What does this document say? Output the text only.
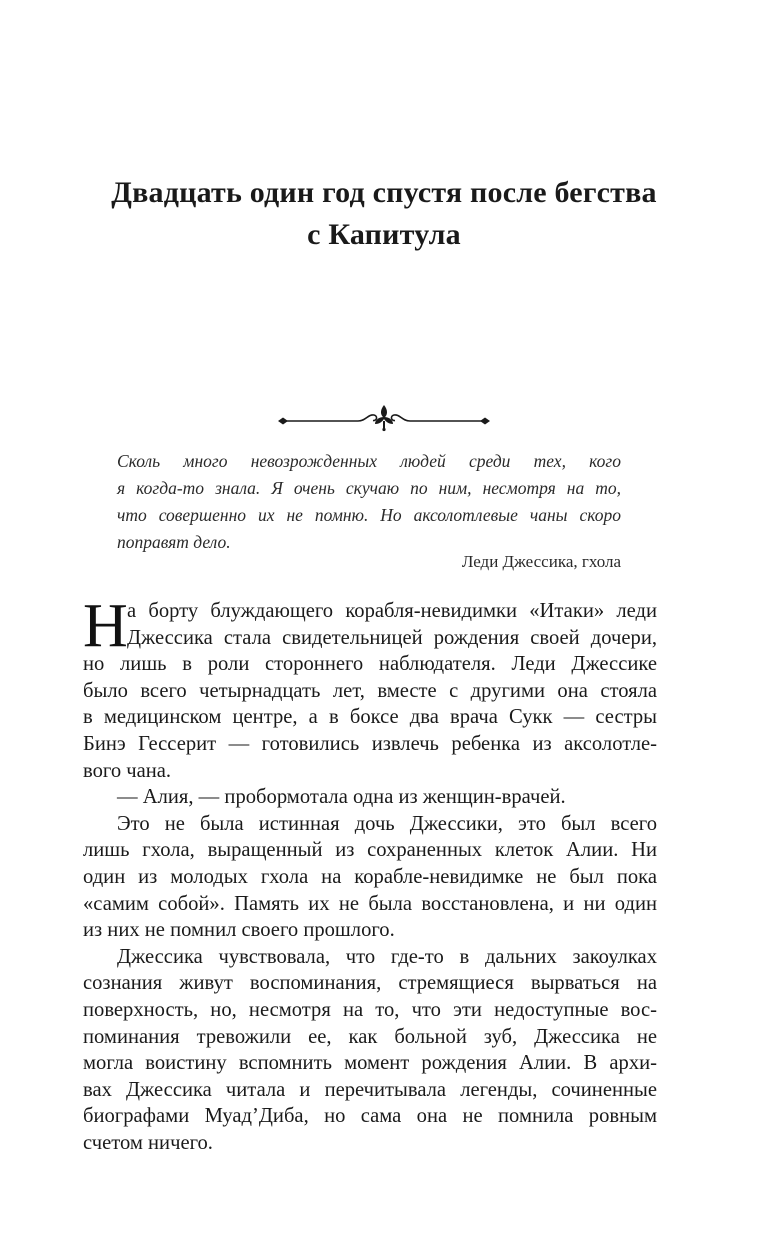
Двадцать один год спустя после бегства
с Капитула
Сколь много невозрожденных людей среди тех, кого
я когда-то знала. Я очень скучаю по ним, несмотря на то,
что совершенно их не помню. Но аксолотлевые чаны скоро
поправят дело.
Леди Джессика, гхола
Н а борту блуждающего корабля-невидимки «Итаки» леди
Джессика стала свидетельницей рождения своей дочери,
но лишь в роли стороннего наблюдателя. Леди Джессике
было всего четырнадцать лет, вместе с другими она стояла
в медицинском центре, а в боксе два врача Сукк — сестры
Бинэ Гессерит — готовились извлечь ребенка из аксолотле-
вого чана.
— Алия, — пробормотала одна из женщин-врачей.
Это не была истинная дочь Джессики, это был всего
лишь гхола, выращенный из сохраненных клеток Алии. Ни
один из молодых гхола на корабле-невидимке не был пока
«самим собой». Память их не была восстановлена, и ни один
из них не помнил своего прошлого.
Джессика чувствовала, что где-то в дальних закоулках
сознания живут воспоминания, стремящиеся вырваться на
поверхность, но, несмотря на то, что эти недоступные вос-
поминания тревожили ее, как больной зуб, Джессика не
могла воистину вспомнить момент рождения Алии. В архи-
вах Джессика читала и перечитывала легенды, сочиненные
биографами Муад’Диба, но сама она не помнила ровным
счетом ничего.
